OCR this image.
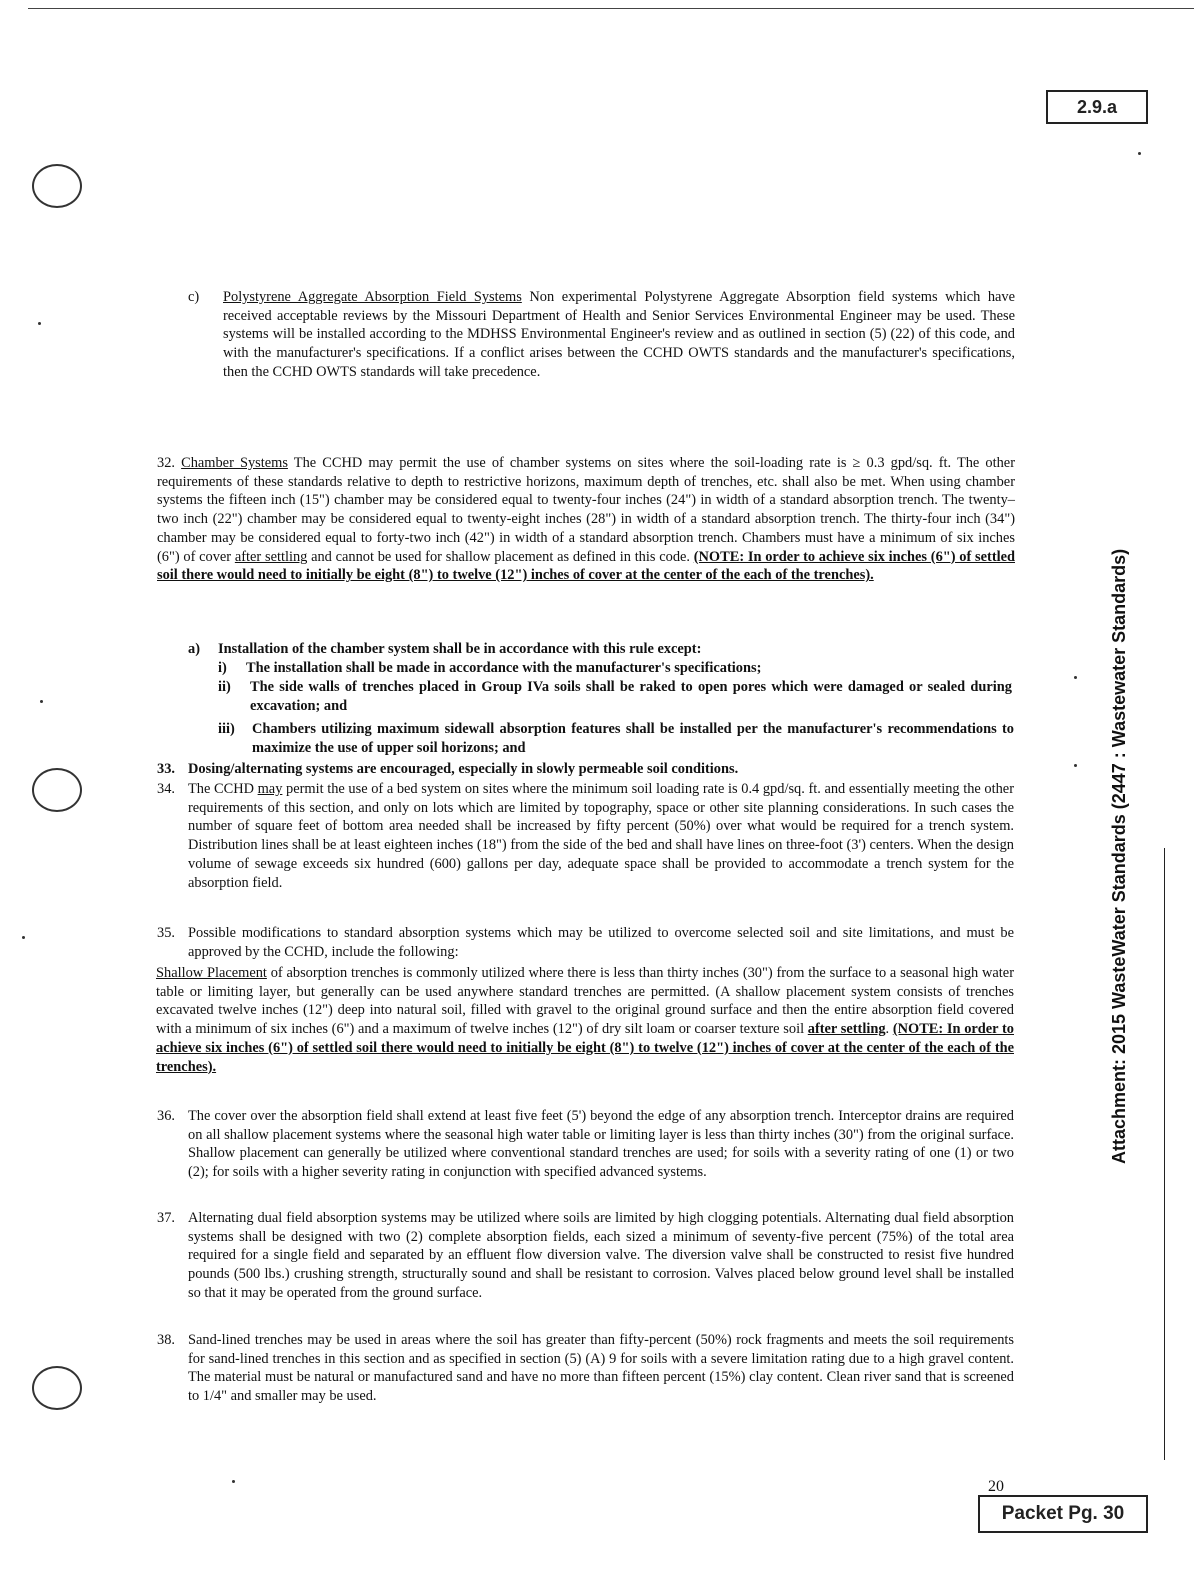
2.9.a
Attachment: 2015 WasteWater Standards (2447 : Wastewater Standards)
c)	Polystyrene Aggregate Absorption Field Systems Non experimental Polystyrene Aggregate Absorption field systems which have received acceptable reviews by the Missouri Department of Health and Senior Services Environmental Engineer may be used. These systems will be installed according to the MDHSS Environmental Engineer's review and as outlined in section (5) (22) of this code, and with the manufacturer's specifications. If a conflict arises between the CCHD OWTS standards and the manufacturer's specifications, then the CCHD OWTS standards will take precedence.

32. Chamber Systems The CCHD may permit the use of chamber systems on sites where the soil-loading rate is ≥ 0.3 gpd/sq. ft. The other requirements of these standards relative to depth to restrictive horizons, maximum depth of trenches, etc. shall also be met. When using chamber systems the fifteen inch (15") chamber may be considered equal to twenty-four inches (24") in width of a standard absorption trench. The twenty–two inch (22") chamber may be considered equal to twenty-eight inches (28") in width of a standard absorption trench. The thirty-four inch (34") chamber may be considered equal to forty-two inch (42") in width of a standard absorption trench. Chambers must have a minimum of six inches (6") of cover after settling and cannot be used for shallow placement as defined in this code. (NOTE: In order to achieve six inches (6") of settled soil there would need to initially be eight (8") to twelve (12") inches of cover at the center of the each of the trenches).

a)	Installation of the chamber system shall be in accordance with this rule except:

i)	The installation shall be made in accordance with the manufacturer's specifications;

ii)	The side walls of trenches placed in Group IVa soils shall be raked to open pores which were damaged or sealed during excavation; and

iii)	Chambers utilizing maximum sidewall absorption features shall be installed per the manufacturer's recommendations to maximize the use of upper soil horizons; and

33. Dosing/alternating systems are encouraged, especially in slowly permeable soil conditions.

34. The CCHD may permit the use of a bed system on sites where the minimum soil loading rate is 0.4 gpd/sq. ft. and essentially meeting the other requirements of this section, and only on lots which are limited by topography, space or other site planning considerations. In such cases the number of square feet of bottom area needed shall be increased by fifty percent (50%) over what would be required for a trench system. Distribution lines shall be at least eighteen inches (18") from the side of the bed and shall have lines on three-foot (3') centers. When the design volume of sewage exceeds six hundred (600) gallons per day, adequate space shall be provided to accommodate a trench system for the absorption field.

35. Possible modifications to standard absorption systems which may be utilized to overcome selected soil and site limitations, and must be approved by the CCHD, include the following:

Shallow Placement of absorption trenches is commonly utilized where there is less than thirty inches (30") from the surface to a seasonal high water table or limiting layer, but generally can be used anywhere standard trenches are permitted. (A shallow placement system consists of trenches excavated twelve inches (12") deep into natural soil, filled with gravel to the original ground surface and then the entire absorption field covered with a minimum of six inches (6") and a maximum of twelve inches (12") of dry silt loam or coarser texture soil after settling. (NOTE: In order to achieve six inches (6") of settled soil there would need to initially be eight (8") to twelve (12") inches of cover at the center of the each of the trenches).

36. The cover over the absorption field shall extend at least five feet (5') beyond the edge of any absorption trench. Interceptor drains are required on all shallow placement systems where the seasonal high water table or limiting layer is less than thirty inches (30") from the original surface. Shallow placement can generally be utilized where conventional standard trenches are used; for soils with a severity rating of one (1) or two (2); for soils with a higher severity rating in conjunction with specified advanced systems.

37. Alternating dual field absorption systems may be utilized where soils are limited by high clogging potentials. Alternating dual field absorption systems shall be designed with two (2) complete absorption fields, each sized a minimum of seventy-five percent (75%) of the total area required for a single field and separated by an effluent flow diversion valve. The diversion valve shall be constructed to resist five hundred pounds (500 lbs.) crushing strength, structurally sound and shall be resistant to corrosion. Valves placed below ground level shall be installed so that it may be operated from the ground surface.

38. Sand-lined trenches may be used in areas where the soil has greater than fifty-percent (50%) rock fragments and meets the soil requirements for sand-lined trenches in this section and as specified in section (5) (A) 9 for soils with a severe limitation rating due to a high gravel content. The material must be natural or manufactured sand and have no more than fifteen percent (15%) clay content. Clean river sand that is screened to 1/4" and smaller may be used.

20
Packet Pg. 30
